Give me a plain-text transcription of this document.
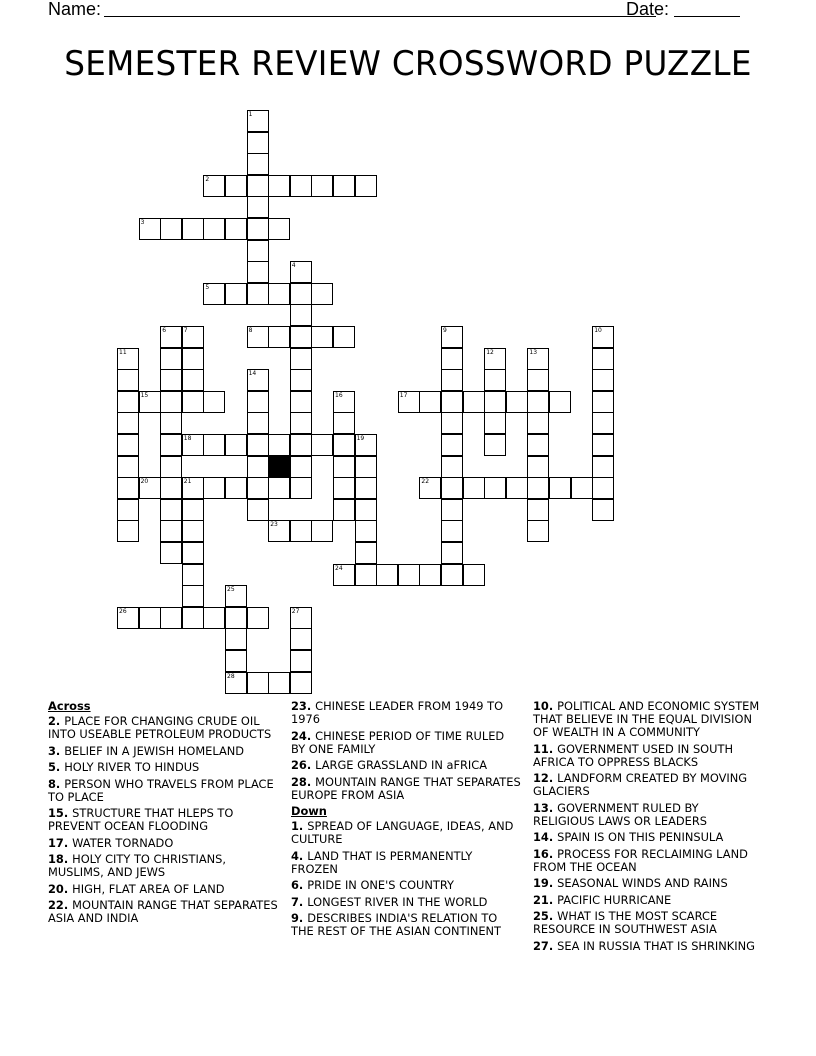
Name:	Date:
SEMESTER REVIEW CROSSWORD PUZZLE
1
2
3
4
5
6	7	8	9	10
11	12	13
14
15	16	17
18	19
20	21	22
23
24
25
28
26	27
Across
2. PLACE FOR CHANGING CRUDE OIL INTO USEABLE PETROLEUM PRODUCTS
3. BELIEF IN A JEWISH HOMELAND
5. HOLY RIVER TO HINDUS
8. PERSON WHO TRAVELS FROM PLACE TO PLACE
15. STRUCTURE THAT HLEPS TO PREVENT OCEAN FLOODING
17. WATER TORNADO
18. HOLY CITY TO CHRISTIANS, MUSLIMS, AND JEWS
20. HIGH, FLAT AREA OF LAND
22. MOUNTAIN RANGE THAT SEPARATES ASIA AND INDIA
23. CHINESE LEADER FROM 1949 TO 1976
24. CHINESE PERIOD OF TIME RULED BY ONE FAMILY
26. LARGE GRASSLAND IN aFRICA
28. MOUNTAIN RANGE THAT SEPARATES EUROPE FROM ASIA
Down
1. SPREAD OF LANGUAGE, IDEAS, AND CULTURE
4. LAND THAT IS PERMANENTLY FROZEN
6. PRIDE IN ONE'S COUNTRY
7. LONGEST RIVER IN THE WORLD
9. DESCRIBES INDIA'S RELATION TO THE REST OF THE ASIAN CONTINENT
10. POLITICAL AND ECONOMIC SYSTEM THAT BELIEVE IN THE EQUAL DIVISION OF WEALTH IN A COMMUNITY
11. GOVERNMENT USED IN SOUTH AFRICA TO OPPRESS BLACKS
12. LANDFORM CREATED BY MOVING GLACIERS
13. GOVERNMENT RULED BY RELIGIOUS LAWS OR LEADERS
14. SPAIN IS ON THIS PENINSULA
16. PROCESS FOR RECLAIMING LAND FROM THE OCEAN
19. SEASONAL WINDS AND RAINS
21. PACIFIC HURRICANE
25. WHAT IS THE MOST SCARCE RESOURCE IN SOUTHWEST ASIA
27. SEA IN RUSSIA THAT IS SHRINKING
